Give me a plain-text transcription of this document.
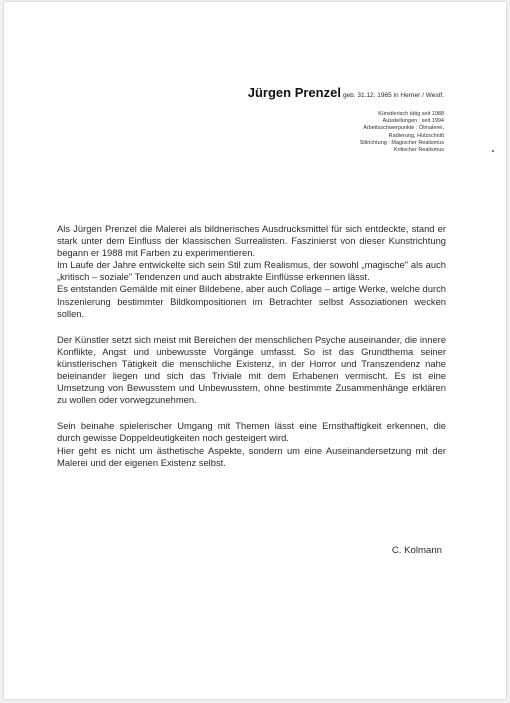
Jürgen Prenzel geb. 31.12. 1965 in Herner / Westf.
Künstlerisch tätig seit 1988
Ausstellungen : seit 1994
Arbeitsschwerpunkte : Ölmalerei,
Radierung, Holzschnitt
Stilrichtung : Magischer Realismus
Kritischer Realismus

Als Jürgen Prenzel die Malerei als bildnerisches Ausdrucksmittel für sich entdeckte, stand er stark unter dem Einfluss der klassischen Surrealisten. Faszinierst von dieser Kunstrichtung begann er 1988 mit Farben zu experimentieren.
Im Laufe der Jahre entwickelte sich sein Stil zum Realismus, der sowohl „magische" als auch „kritisch – soziale" Tendenzen und auch abstrakte Einflüsse erkennen lässt.
Es entstanden Gemälde mit einer Bildebene, aber auch Collage – artige Werke, welche durch Inszenierung bestimmter Bildkompositionen im Betrachter selbst Assoziationen wecken sollen.

Der Künstler setzt sich meist mit Bereichen der menschlichen Psyche auseinander, die innere Konflikte, Angst und unbewusste Vorgänge umfasst. So ist das Grundthema seiner künstlerischen Tätigkeit die menschliche Existenz, in der Horror und Transzendenz nahe beieinander liegen und sich das Triviale mit dem Erhabenen vermischt. Es ist eine Umsetzung von Bewusstem und Unbewusstem, ohne bestimmte Zusammenhänge erklären zu wollen oder vorwegzunehmen.

Sein beinahe spielerischer Umgang mit Themen lässt eine Ernsthaftigkeit erkennen, die durch gewisse Doppeldeutigkeiten noch gesteigert wird.
Hier geht es nicht um ästhetische Aspekte, sondern um eine Auseinandersetzung mit der Malerei und der eigenen Existenz selbst.

C. Kolmann
